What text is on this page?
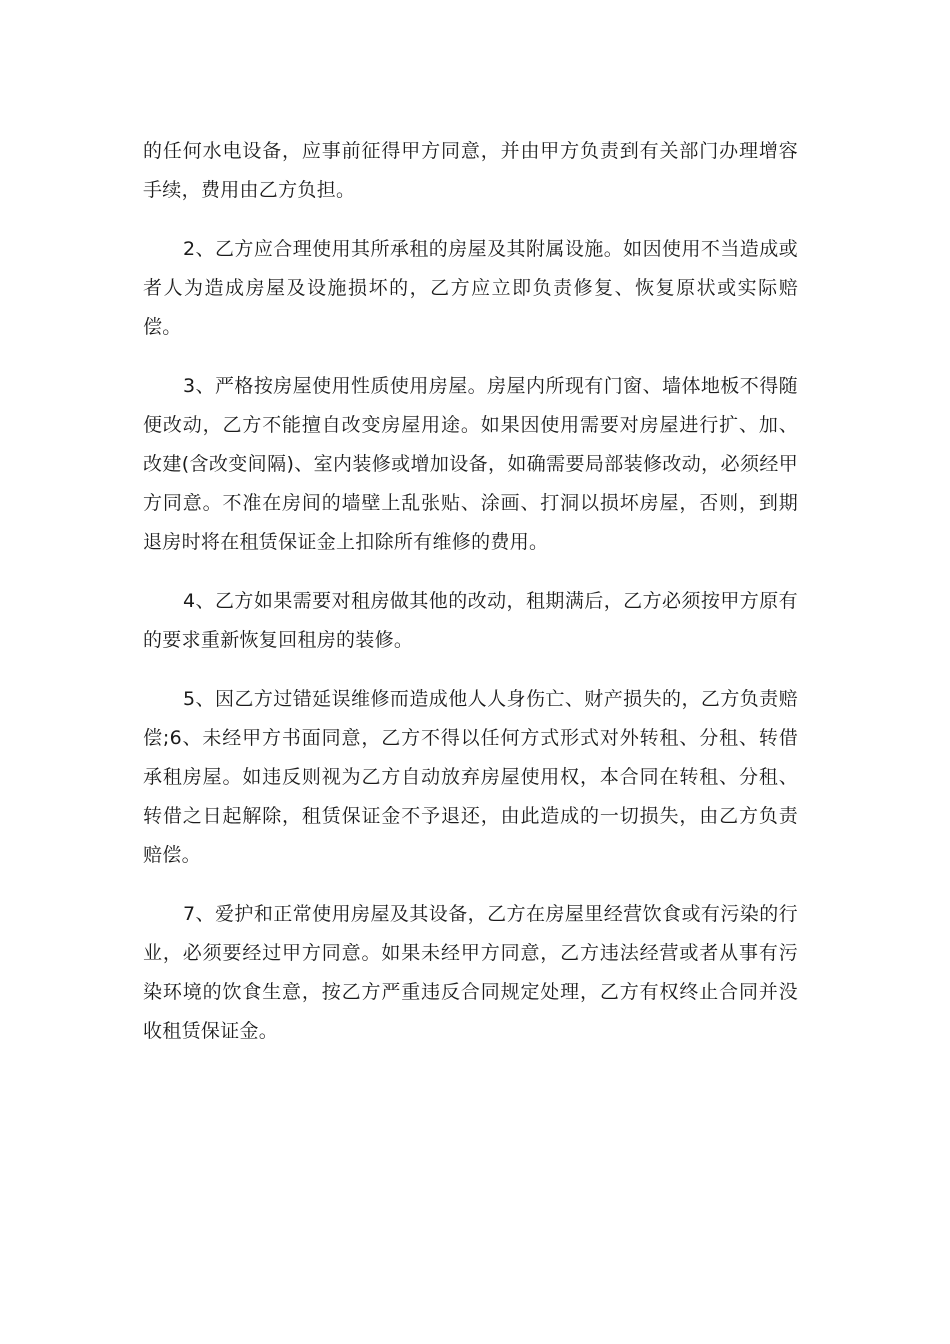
的任何水电设备，应事前征得甲方同意，并由甲方负责到有关部门办理增容手续，费用由乙方负担。

2、乙方应合理使用其所承租的房屋及其附属设施。如因使用不当造成或者人为造成房屋及设施损坏的，乙方应立即负责修复、恢复原状或实际赔偿。

3、严格按房屋使用性质使用房屋。房屋内所现有门窗、墙体地板不得随便改动，乙方不能擅自改变房屋用途。如果因使用需要对房屋进行扩、加、改建(含改变间隔)、室内装修或增加设备，如确需要局部装修改动，必须经甲方同意。不准在房间的墙壁上乱张贴、涂画、打洞以损坏房屋，否则，到期退房时将在租赁保证金上扣除所有维修的费用。

4、乙方如果需要对租房做其他的改动，租期满后，乙方必须按甲方原有的要求重新恢复回租房的装修。

5、因乙方过错延误维修而造成他人人身伤亡、财产损失的，乙方负责赔偿;6、未经甲方书面同意，乙方不得以任何方式形式对外转租、分租、转借承租房屋。如违反则视为乙方自动放弃房屋使用权，本合同在转租、分租、转借之日起解除，租赁保证金不予退还，由此造成的一切损失，由乙方负责赔偿。

7、爱护和正常使用房屋及其设备，乙方在房屋里经营饮食或有污染的行业，必须要经过甲方同意。如果未经甲方同意，乙方违法经营或者从事有污染环境的饮食生意，按乙方严重违反合同规定处理，乙方有权终止合同并没收租赁保证金。
